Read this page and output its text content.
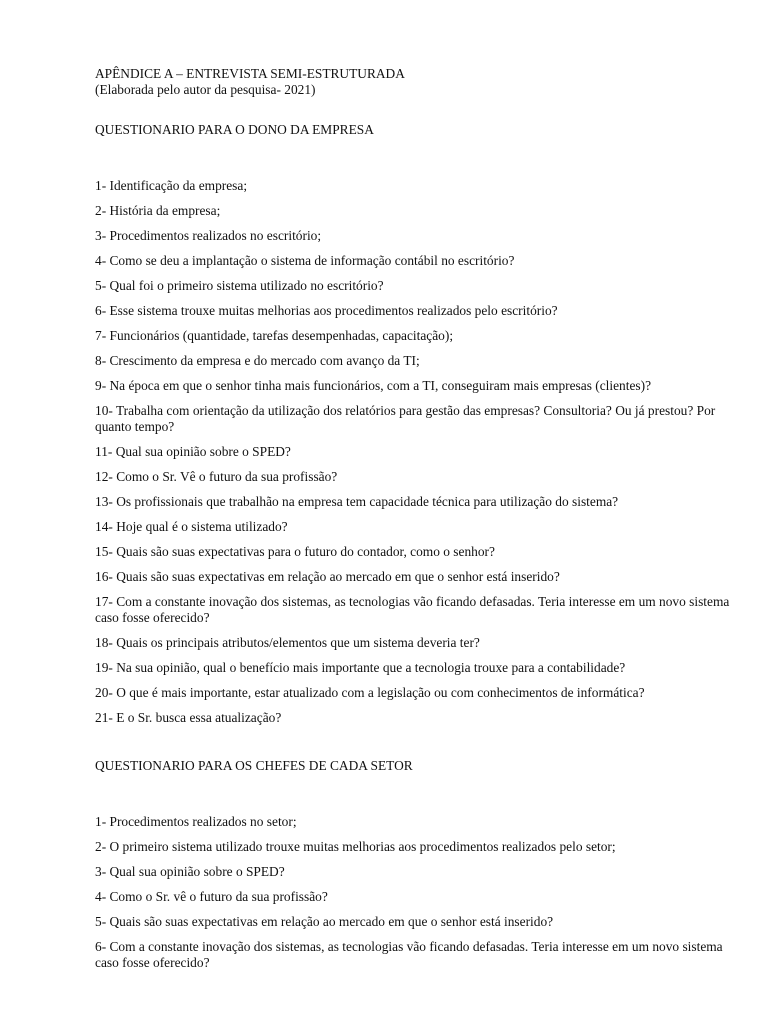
APÊNDICE A – ENTREVISTA SEMI-ESTRUTURADA

(Elaborada pelo autor da pesquisa- 2021)

QUESTIONARIO PARA O DONO DA EMPRESA

1- Identificação da empresa;
2- História da empresa;
3- Procedimentos realizados no escritório;
4- Como se deu a implantação o sistema de informação contábil no escritório?
5- Qual foi o primeiro sistema utilizado no escritório?
6- Esse sistema trouxe muitas melhorias aos procedimentos realizados pelo escritório?
7- Funcionários (quantidade, tarefas desempenhadas, capacitação);
8- Crescimento da empresa e do mercado com avanço da TI;
9- Na época em que o senhor tinha mais funcionários, com a TI, conseguiram mais empresas (clientes)?
10- Trabalha com orientação da utilização dos relatórios para gestão das empresas? Consultoria? Ou já prestou? Por quanto tempo?
11- Qual sua opinião sobre o SPED?
12- Como o Sr. Vê o futuro da sua profissão?
13- Os profissionais que trabalhão na empresa tem capacidade técnica para utilização do sistema?
14- Hoje qual é o sistema utilizado?
15- Quais são suas expectativas para o futuro do contador, como o senhor?
16- Quais são suas expectativas em relação ao mercado em que o senhor está inserido?
17- Com a constante inovação dos sistemas, as tecnologias vão ficando defasadas. Teria interesse em um novo sistema caso fosse oferecido?
18- Quais os principais atributos/elementos que um sistema deveria ter?
19- Na sua opinião, qual o benefício mais importante que a tecnologia trouxe para a contabilidade?
20- O que é mais importante, estar atualizado com a legislação ou com conhecimentos de informática?
21- E o Sr. busca essa atualização?

QUESTIONARIO PARA OS CHEFES DE CADA SETOR

1- Procedimentos realizados no setor;
2- O primeiro sistema utilizado trouxe muitas melhorias aos procedimentos realizados pelo setor;
3- Qual sua opinião sobre o SPED?
4- Como o Sr. vê o futuro da sua profissão?
5- Quais são suas expectativas em relação ao mercado em que o senhor está inserido?
6- Com a constante inovação dos sistemas, as tecnologias vão ficando defasadas. Teria interesse em um novo sistema caso fosse oferecido?
